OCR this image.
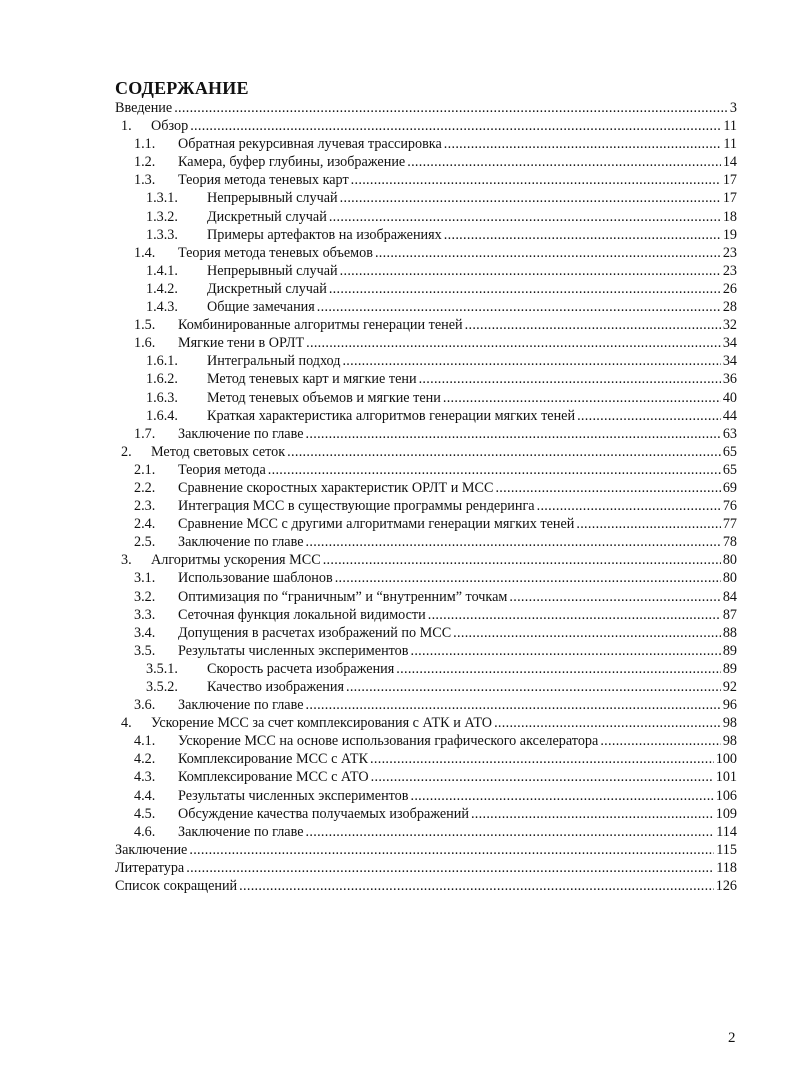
СОДЕРЖАНИЕ
Введение .....	3
1.	Обзор .....	11
1.1.	Обратная рекурсивная лучевая трассировка .....	11
1.2.	Камера, буфер глубины, изображение .....	14
1.3.	Теория метода теневых карт .....	17
1.3.1.	Непрерывный случай .....	17
1.3.2.	Дискретный случай .....	18
1.3.3.	Примеры артефактов на изображениях .....	19
1.4.	Теория метода теневых объемов .....	23
1.4.1.	Непрерывный случай .....	23
1.4.2.	Дискретный случай .....	26
1.4.3.	Общие замечания .....	28
1.5.	Комбинированные алгоритмы генерации теней .....	32
1.6.	Мягкие тени в ОРЛТ .....	34
1.6.1.	Интегральный подход .....	34
1.6.2.	Метод теневых карт и мягкие тени .....	36
1.6.3.	Метод теневых объемов и мягкие тени .....	40
1.6.4.	Краткая характеристика алгоритмов генерации мягких теней .....	44
1.7.	Заключение по главе .....	63
2.	Метод световых сеток .....	65
2.1.	Теория метода .....	65
2.2.	Сравнение скоростных характеристик ОРЛТ и МСС .....	69
2.3.	Интеграция МСС в существующие программы рендеринга .....	76
2.4.	Сравнение МСС с другими алгоритмами генерации мягких теней .....	77
2.5.	Заключение по главе .....	78
3.	Алгоритмы ускорения МСС .....	80
3.1.	Использование шаблонов .....	80
3.2.	Оптимизация по “граничным” и “внутренним” точкам .....	84
3.3.	Сеточная функция локальной видимости .....	87
3.4.	Допущения в расчетах изображений по МСС .....	88
3.5.	Результаты численных экспериментов .....	89
3.5.1.	Скорость расчета изображения .....	89
3.5.2.	Качество изображения .....	92
3.6.	Заключение по главе .....	96
4.	Ускорение МСС за счет комплексирования с АТК и АТО .....	98
4.1.	Ускорение МСС на основе использования графического акселератора .....	98
4.2.	Комплексирование МСС с АТК .....	100
4.3.	Комплексирование МСС с АТО .....	101
4.4.	Результаты численных экспериментов .....	106
4.5.	Обсуждение качества получаемых изображений .....	109
4.6.	Заключение по главе .....	114
Заключение .....	115
Литература .....	118
Список сокращений .....	126
2
